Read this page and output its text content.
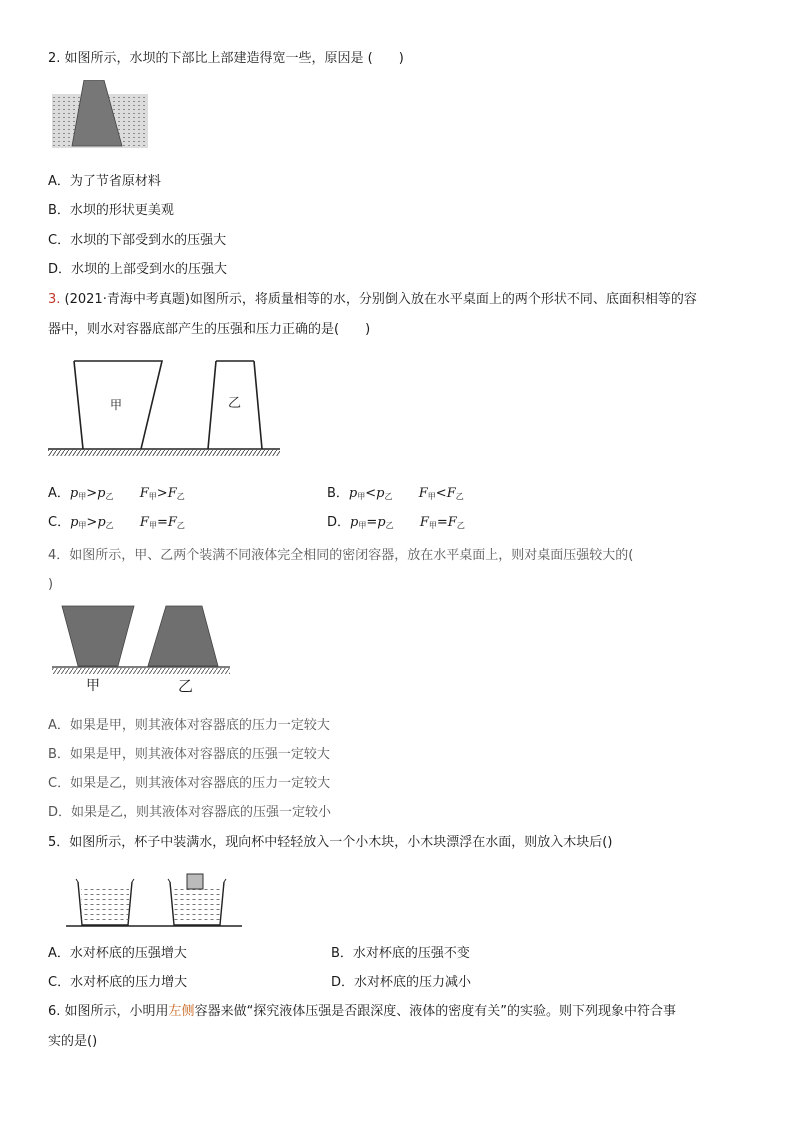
2. 如图所示，水坝的下部比上部建造得宽一些，原因是 (　　)
A．为了节省原材料
B．水坝的形状更美观
C．水坝的下部受到水的压强大
D．水坝的上部受到水的压强大
3. (2021·青海中考真题)如图所示，将质量相等的水，分别倒入放在水平桌面上的两个形状不同、底面积相等的容
器中，则水对容器底部产生的压强和压力正确的是(　　)
甲	乙
A．$p_甲>p_乙$ $F_甲>F_乙$	B．$p_甲<p_乙$ $F_甲<F_乙$
C．$p_甲>p_乙$ $F_甲=F_乙$	D．$p_甲=p_乙$ $F_甲=F_乙$
4．如图所示，甲、乙两个装满不同液体完全相同的密闭容器，放在水平桌面上，则对桌面压强较大的(
)
甲	乙
A．如果是甲，则其液体对容器底的压力一定较大
B．如果是甲，则其液体对容器底的压强一定较大
C．如果是乙，则其液体对容器底的压力一定较大
D．如果是乙，则其液体对容器底的压强一定较小
5．如图所示，杯子中装满水，现向杯中轻轻放入一个小木块，小木块漂浮在水面，则放入木块后()
A．水对杯底的压强增大	B．水对杯底的压强不变
C．水对杯底的压力增大	D．水对杯底的压力减小
6. 如图所示，小明用左侧容器来做“探究液体压强是否跟深度、液体的密度有关”的实验。则下列现象中符合事
实的是()
